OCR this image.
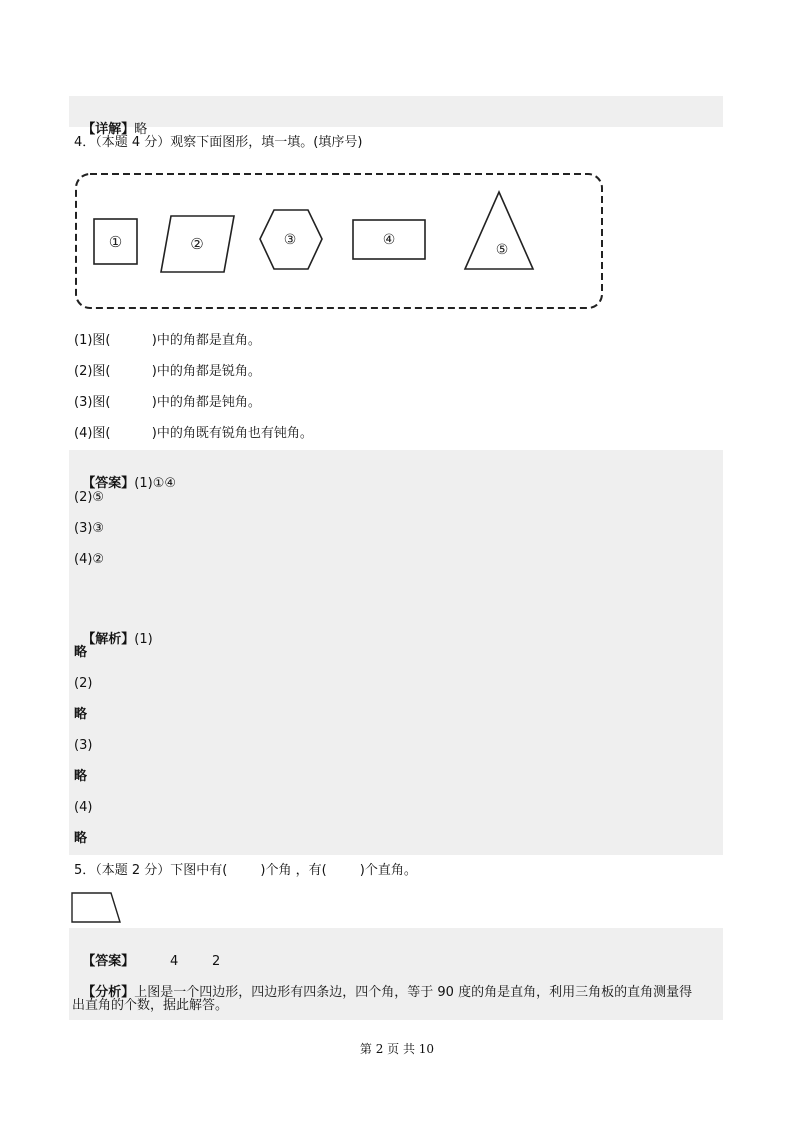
【详解】略

4．（本题 4 分）观察下面图形，填一填。(填序号)
①	②	③	④
⑤
(1)图(          )中的角都是直角。
(2)图(          )中的角都是锐角。
(3)图(          )中的角都是钝角。
(4)图(          )中的角既有锐角也有钝角。

【答案】(1)①④

(2)⑤
(3)③
(4)②

【解析】(1)

略
(2)
略
(3)
略
(4)
略
5．（本题 2 分）下图中有(        )个角 ，有(        )个直角。

【答案】	4	2

【分析】上图是一个四边形，四边形有四条边，四个角，等于 90 度的角是直角，利用三角板的直角测量得

出直角的个数，据此解答。
第 2 页 共 10
